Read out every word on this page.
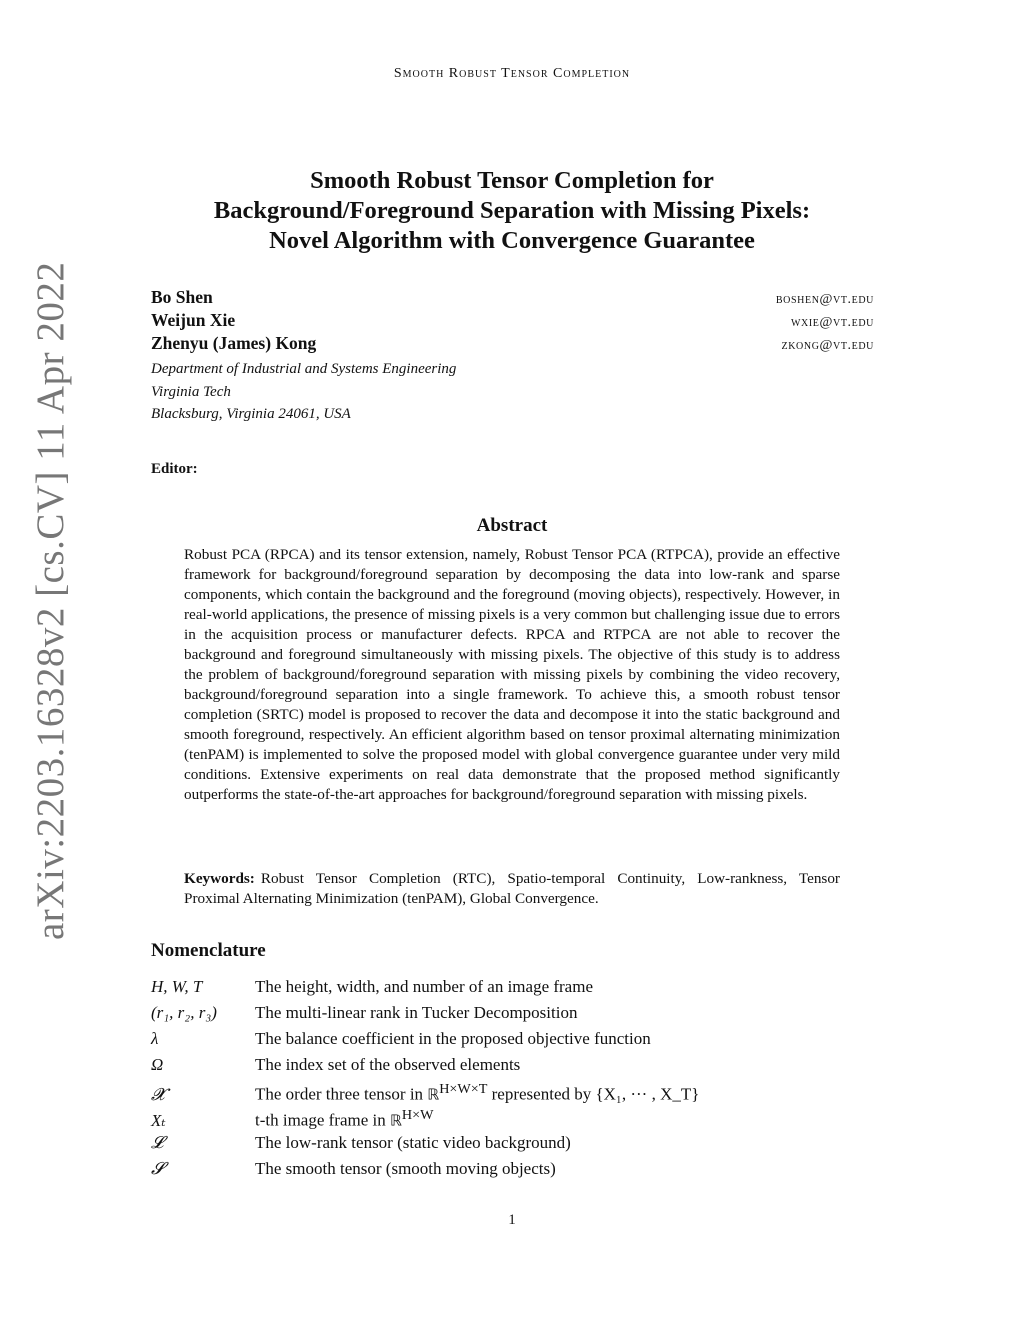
Smooth Robust Tensor Completion
arXiv:2203.16328v2 [cs.CV] 11 Apr 2022
Smooth Robust Tensor Completion for
Background/Foreground Separation with Missing Pixels:
Novel Algorithm with Convergence Guarantee
Bo Shen	boshen@vt.edu
Weijun Xie	wxie@vt.edu
Zhenyu (James) Kong	zkong@vt.edu
Department of Industrial and Systems Engineering
Virginia Tech
Blacksburg, Virginia 24061, USA
Editor:
Abstract
Robust PCA (RPCA) and its tensor extension, namely, Robust Tensor PCA (RTPCA), provide an effective framework for background/foreground separation by decomposing the data into low-rank and sparse components, which contain the background and the foreground (moving objects), respectively. However, in real-world applications, the presence of missing pixels is a very common but challenging issue due to errors in the acquisition process or manufacturer defects. RPCA and RTPCA are not able to recover the background and foreground simultaneously with missing pixels. The objective of this study is to address the problem of background/foreground separation with missing pixels by combining the video recovery, background/foreground separation into a single framework. To achieve this, a smooth robust tensor completion (SRTC) model is proposed to recover the data and decompose it into the static background and smooth foreground, respectively. An efficient algorithm based on tensor proximal alternating minimization (tenPAM) is implemented to solve the proposed model with global convergence guarantee under very mild conditions. Extensive experiments on real data demonstrate that the proposed method significantly outperforms the state-of-the-art approaches for background/foreground separation with missing pixels.
Keywords: Robust Tensor Completion (RTC), Spatio-temporal Continuity, Low-rankness, Tensor Proximal Alternating Minimization (tenPAM), Global Convergence.
Nomenclature
H, W, T	The height, width, and number of an image frame
(r₁, r₂, r₃)	The multi-linear rank in Tucker Decomposition
λ	The balance coefficient in the proposed objective function
Ω	The index set of the observed elements
𝓧	The order three tensor in ℝ$^{H\times W\times T}$ represented by {X₁, ··· , X_T}
Xₜ	t-th image frame in ℝ$^{H\times W}$
𝓛	The low-rank tensor (static video background)
𝓢	The smooth tensor (smooth moving objects)
1
